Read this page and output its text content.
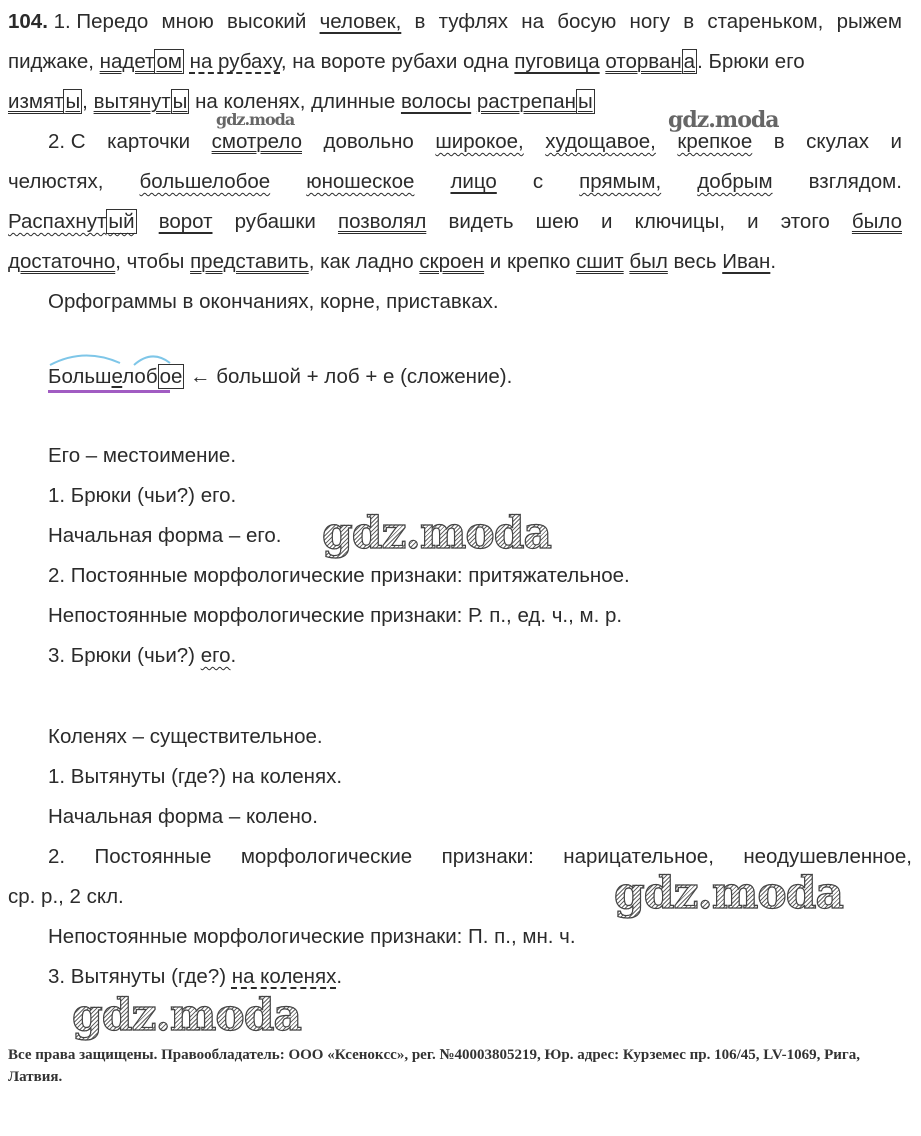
104. 1. Передо мною высокий человек, в туфлях на босую ногу в стареньком, рыжем
пиджаке, надетом на рубаху, на вороте рубахи одна пуговица оторвана. Брюки его
измяты, вытянуты на коленях, длинные волосы растрепаны
2. С карточки смотрело довольно широкое, худощавое, крепкое в скулах и
челюстях, большелобое юношеское лицо с прямым, добрым взглядом.
Распахнутый ворот рубашки позволял видеть шею и ключицы, и этого было
достаточно, чтобы представить, как ладно скроен и крепко сшит был весь Иван.
Орфограммы в окончаниях, корне, приставках.
Большелобое ← большой + лоб + е (сложение).
Его – местоимение.
1. Брюки (чьи?) его.
Начальная форма – его.
2. Постоянные морфологические признаки: притяжательное.
Непостоянные морфологические признаки: Р. п., ед. ч., м. р.
3. Брюки (чьи?) его.
Коленях – существительное.
1. Вытянуты (где?) на коленях.
Начальная форма – колено.
2. Постоянные морфологические признаки: нарицательное, неодушевленное,
ср. р., 2 скл.
Непостоянные морфологические признаки: П. п., мн. ч.
3. Вытянуты (где?) на коленях.
gdz.moda
gdz.moda
gdz.moda
gdz.moda
gdz.moda
Все права защищены. Правообладатель: ООО «Ксенокcс», рег. №40003805219, Юр. адрес: Курземес пр. 106/45, LV-1069, Рига, Латвия.
